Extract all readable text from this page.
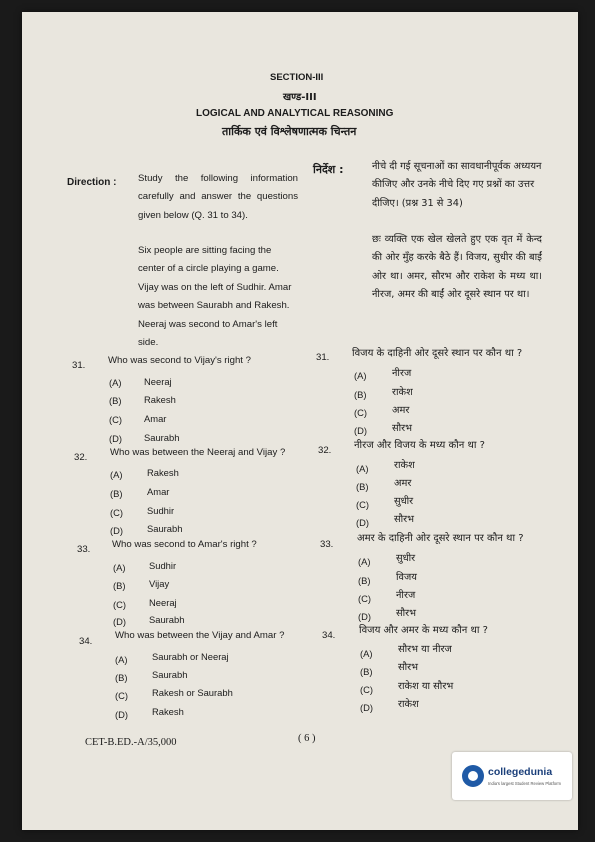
SECTION-III
खण्ड-III
LOGICAL AND ANALYTICAL REASONING
तार्किक एवं विश्लेषणात्मक चिन्तन
Direction : Study the following information carefully and answer the questions given below (Q. 31 to 34).
Six people are sitting facing the center of a circle playing a game. Vijay was on the left of Sudhir. Amar was between Saurabh and Rakesh. Neeraj was second to Amar's left side.
निर्देश :	नीचे दी गई सूचनाओं का सावधानीपूर्वक अध्ययन कीजिए और उनके नीचे दिए गए प्रश्नों का उत्तर दीजिए। (प्रश्न 31 से 34)
छः व्यक्ति एक खेल खेलते हुए एक वृत में केन्द की ओर मुँह करके बैठे हैं। विजय, सुधीर की बाईं ओर था। अमर, सौरभ और राकेश के मध्य था। नीरज, अमर की बाईं ओर दूसरे स्थान पर था।
31. Who was second to Vijay's right ?
(A) Neeraj
(B) Rakesh
(C) Amar
(D) Saurabh
32. Who was between the Neeraj and Vijay ?
(A)	Rakesh
(B)	Amar
(C)	Sudhir
(D)	Saurabh
33. Who was second to Amar's right ?
(A)	Sudhir
(B)	Vijay
(C) Neeraj
(D) Saurabh
34.
Who was between the Vijay and Amar ?
(A)	Saurabh or Neeraj
(B)	Saurabh
(C)	Rakesh or Saurabh
(D)	Rakesh
31. विजय के दाहिनी ओर दूसरे स्थान पर कौन था ?
(A)	नीरज
(B)	राकेश
(C)	अमर
(D)	सौरभ
32. नीरज और विजय के मध्य कौन था ?
(A)	राकेश
(B)	अमर
(C)	सुधीर
(D)	सौरभ
33.
अमर के दाहिनी ओर दूसरे स्थान पर कौन था ?
(A)	सुधीर
(B)	विजय
(C)	नीरज
(D)	सौरभ
34. विजय और अमर के मध्य कौन था ?
(A)	सौरभ या नीरज
(B)	सौरभ
(C)	राकेश या सौरभ
(D)	राकेश
CET-B.ED.-A/35,000	( 6 )
collegedunia
India's largest Student Review Platform
